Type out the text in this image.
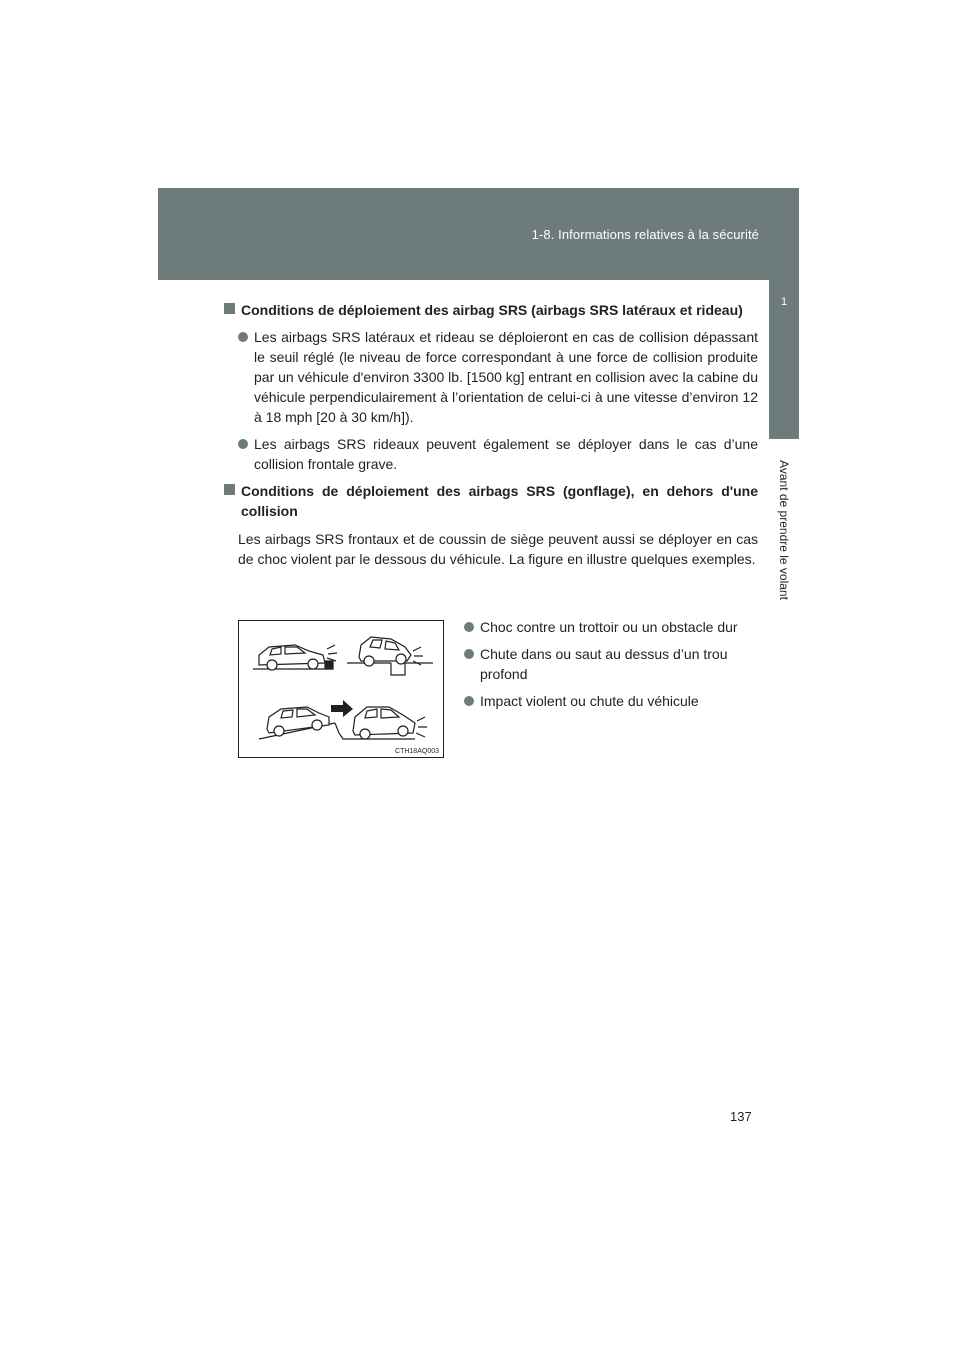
1-8. Informations relatives à la sécurité
1
Avant de prendre le volant
Conditions de déploiement des airbag SRS (airbags SRS latéraux et rideau)
Les airbags SRS latéraux et rideau se déploieront en cas de collision dépassant le seuil réglé (le niveau de force correspondant à une force de collision produite par un véhicule d'environ 3300 lb. [1500 kg] entrant en collision avec la cabine du véhicule perpendiculairement à l’orientation de celui-ci à une vitesse d’environ 12 à 18 mph [20 à 30 km/h]).
Les airbags SRS rideaux peuvent également se déployer dans le cas d’une collision frontale grave.
Conditions de déploiement des airbags SRS (gonflage), en dehors d'une collision
Les airbags SRS frontaux et de coussin de siège peuvent aussi se déployer en cas de choc violent par le dessous du véhicule. La figure en illustre quelques exemples.
CTH18AQ003
Choc contre un trottoir ou un obstacle dur
Chute dans ou saut au dessus d’un trou profond
Impact violent ou chute du véhicule
137
